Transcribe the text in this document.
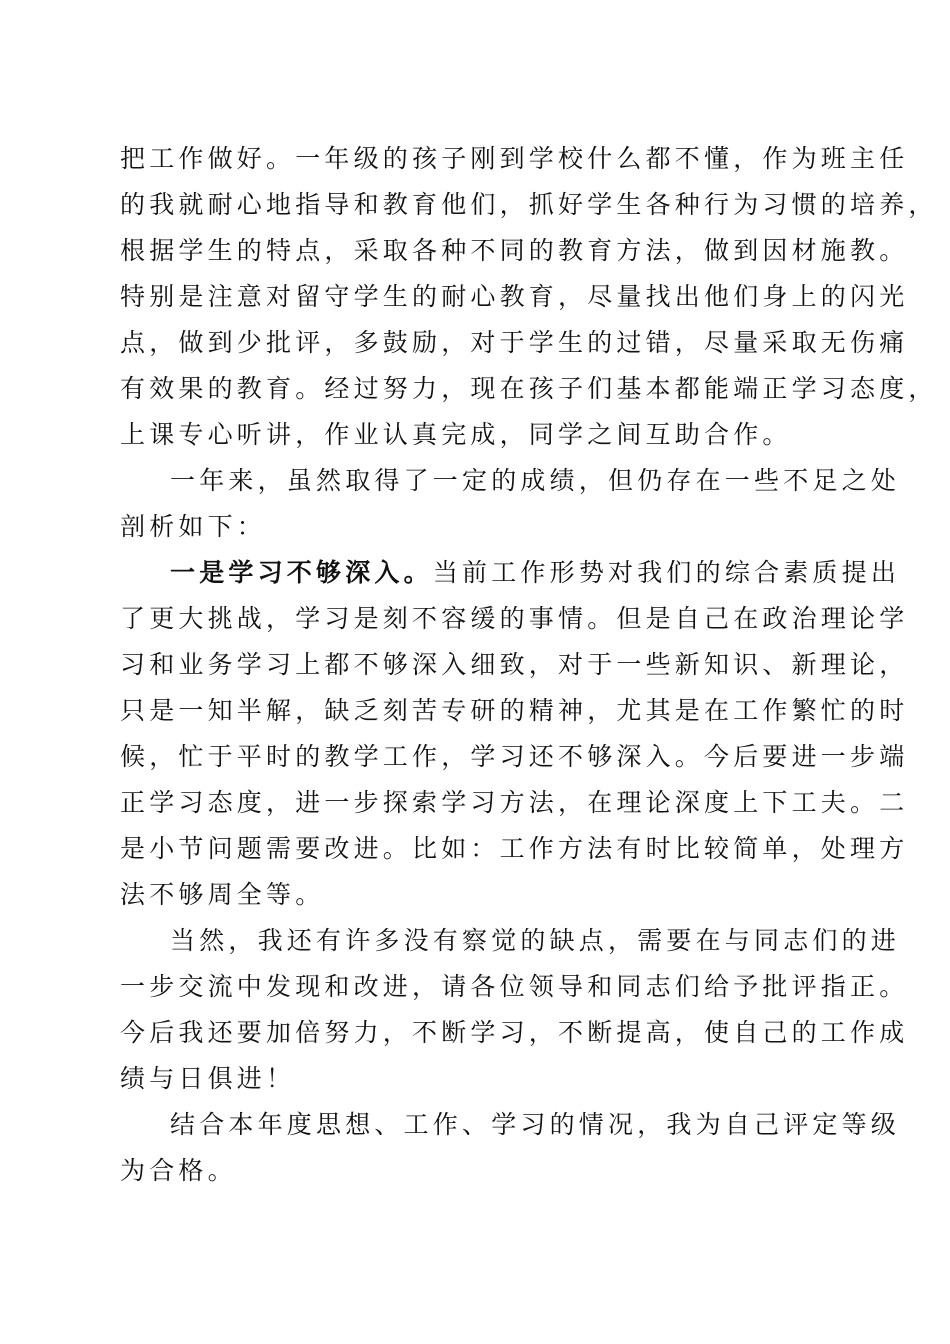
把工作做好。一年级的孩子刚到学校什么都不懂，作为班主任
的我就耐心地指导和教育他们，抓好学生各种行为习惯的培养，
根据学生的特点，采取各种不同的教育方法，做到因材施教。
特别是注意对留守学生的耐心教育，尽量找出他们身上的闪光
点，做到少批评，多鼓励，对于学生的过错，尽量采取无伤痛
有效果的教育。经过努力，现在孩子们基本都能端正学习态度，
上课专心听讲，作业认真完成，同学之间互助合作。
一年来，虽然取得了一定的成绩，但仍存在一些不足之处
剖析如下：
一是学习不够深入。当前工作形势对我们的综合素质提出
了更大挑战，学习是刻不容缓的事情。但是自己在政治理论学
习和业务学习上都不够深入细致，对于一些新知识、新理论，
只是一知半解，缺乏刻苦专研的精神，尤其是在工作繁忙的时
候，忙于平时的教学工作，学习还不够深入。今后要进一步端
正学习态度，进一步探索学习方法，在理论深度上下工夫。二
是小节问题需要改进。比如：工作方法有时比较简单，处理方
法不够周全等。
当然，我还有许多没有察觉的缺点，需要在与同志们的进
一步交流中发现和改进，请各位领导和同志们给予批评指正。
今后我还要加倍努力，不断学习，不断提高，使自己的工作成
绩与日俱进！
结合本年度思想、工作、学习的情况，我为自己评定等级
为合格。
